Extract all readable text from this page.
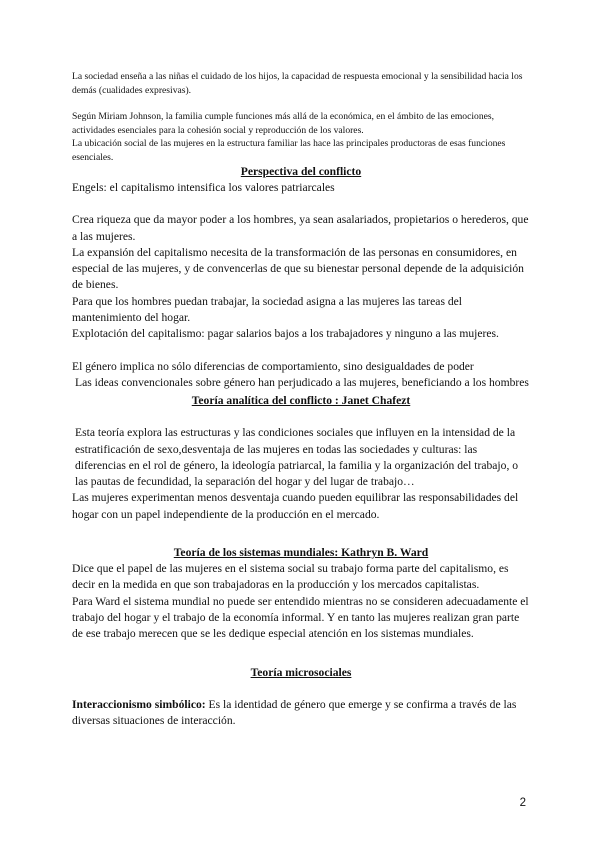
La sociedad enseña a las niñas el cuidado de los hijos, la capacidad de respuesta emocional y la sensibilidad hacia los demás (cualidades expresivas).

Según Miriam Johnson, la familia cumple funciones más allá de la económica, en el ámbito de las emociones, actividades esenciales para la cohesión social y reproducción de los valores.

La ubicación social de las mujeres en la estructura familiar las hace las principales productoras de esas funciones esenciales.

Perspectiva del conflicto

Engels: el capitalismo intensifica los valores patriarcales

Crea riqueza que da mayor poder a los hombres, ya sean asalariados, propietarios o herederos, que a las mujeres.

La expansión del capitalismo necesita de la transformación de las personas en consumidores, en especial de las mujeres, y de convencerlas de que su bienestar personal depende de la adquisición de bienes.

Para que los hombres puedan trabajar, la sociedad asigna a las mujeres las tareas del mantenimiento del hogar.

Explotación del capitalismo: pagar salarios bajos a los trabajadores y ninguno a las mujeres.

El género implica no sólo diferencias de comportamiento, sino desigualdades de poder

Las ideas convencionales sobre género han perjudicado a las mujeres, beneficiando a los hombres

Teoría analítica del conflicto : Janet Chafezt

Esta teoría explora las estructuras y las condiciones sociales que influyen en la intensidad de la estratificación de sexo,desventaja de las mujeres en todas las sociedades y culturas: las diferencias en el rol de género, la ideología patriarcal, la familia y la organización del trabajo, o las pautas de fecundidad, la separación del hogar y del lugar de trabajo…

Las mujeres experimentan menos desventaja cuando pueden equilibrar las responsabilidades del hogar con un papel independiente de la producción en el mercado.

Teoría de los sistemas mundiales: Kathryn B. Ward

Dice que el papel de las mujeres en el sistema social su trabajo forma parte del capitalismo, es decir en la medida en que son trabajadoras en la producción y los mercados capitalistas.

Para Ward el sistema mundial no puede ser entendido mientras no se consideren adecuadamente el trabajo del hogar y el trabajo de la economía informal. Y en tanto las mujeres realizan gran parte de ese trabajo merecen que se les dedique especial atención en los sistemas mundiales.

Teoría microsociales

Interaccionismo simbólico: Es la identidad de género que emerge y se confirma a través de las diversas situaciones de interacción.

2
